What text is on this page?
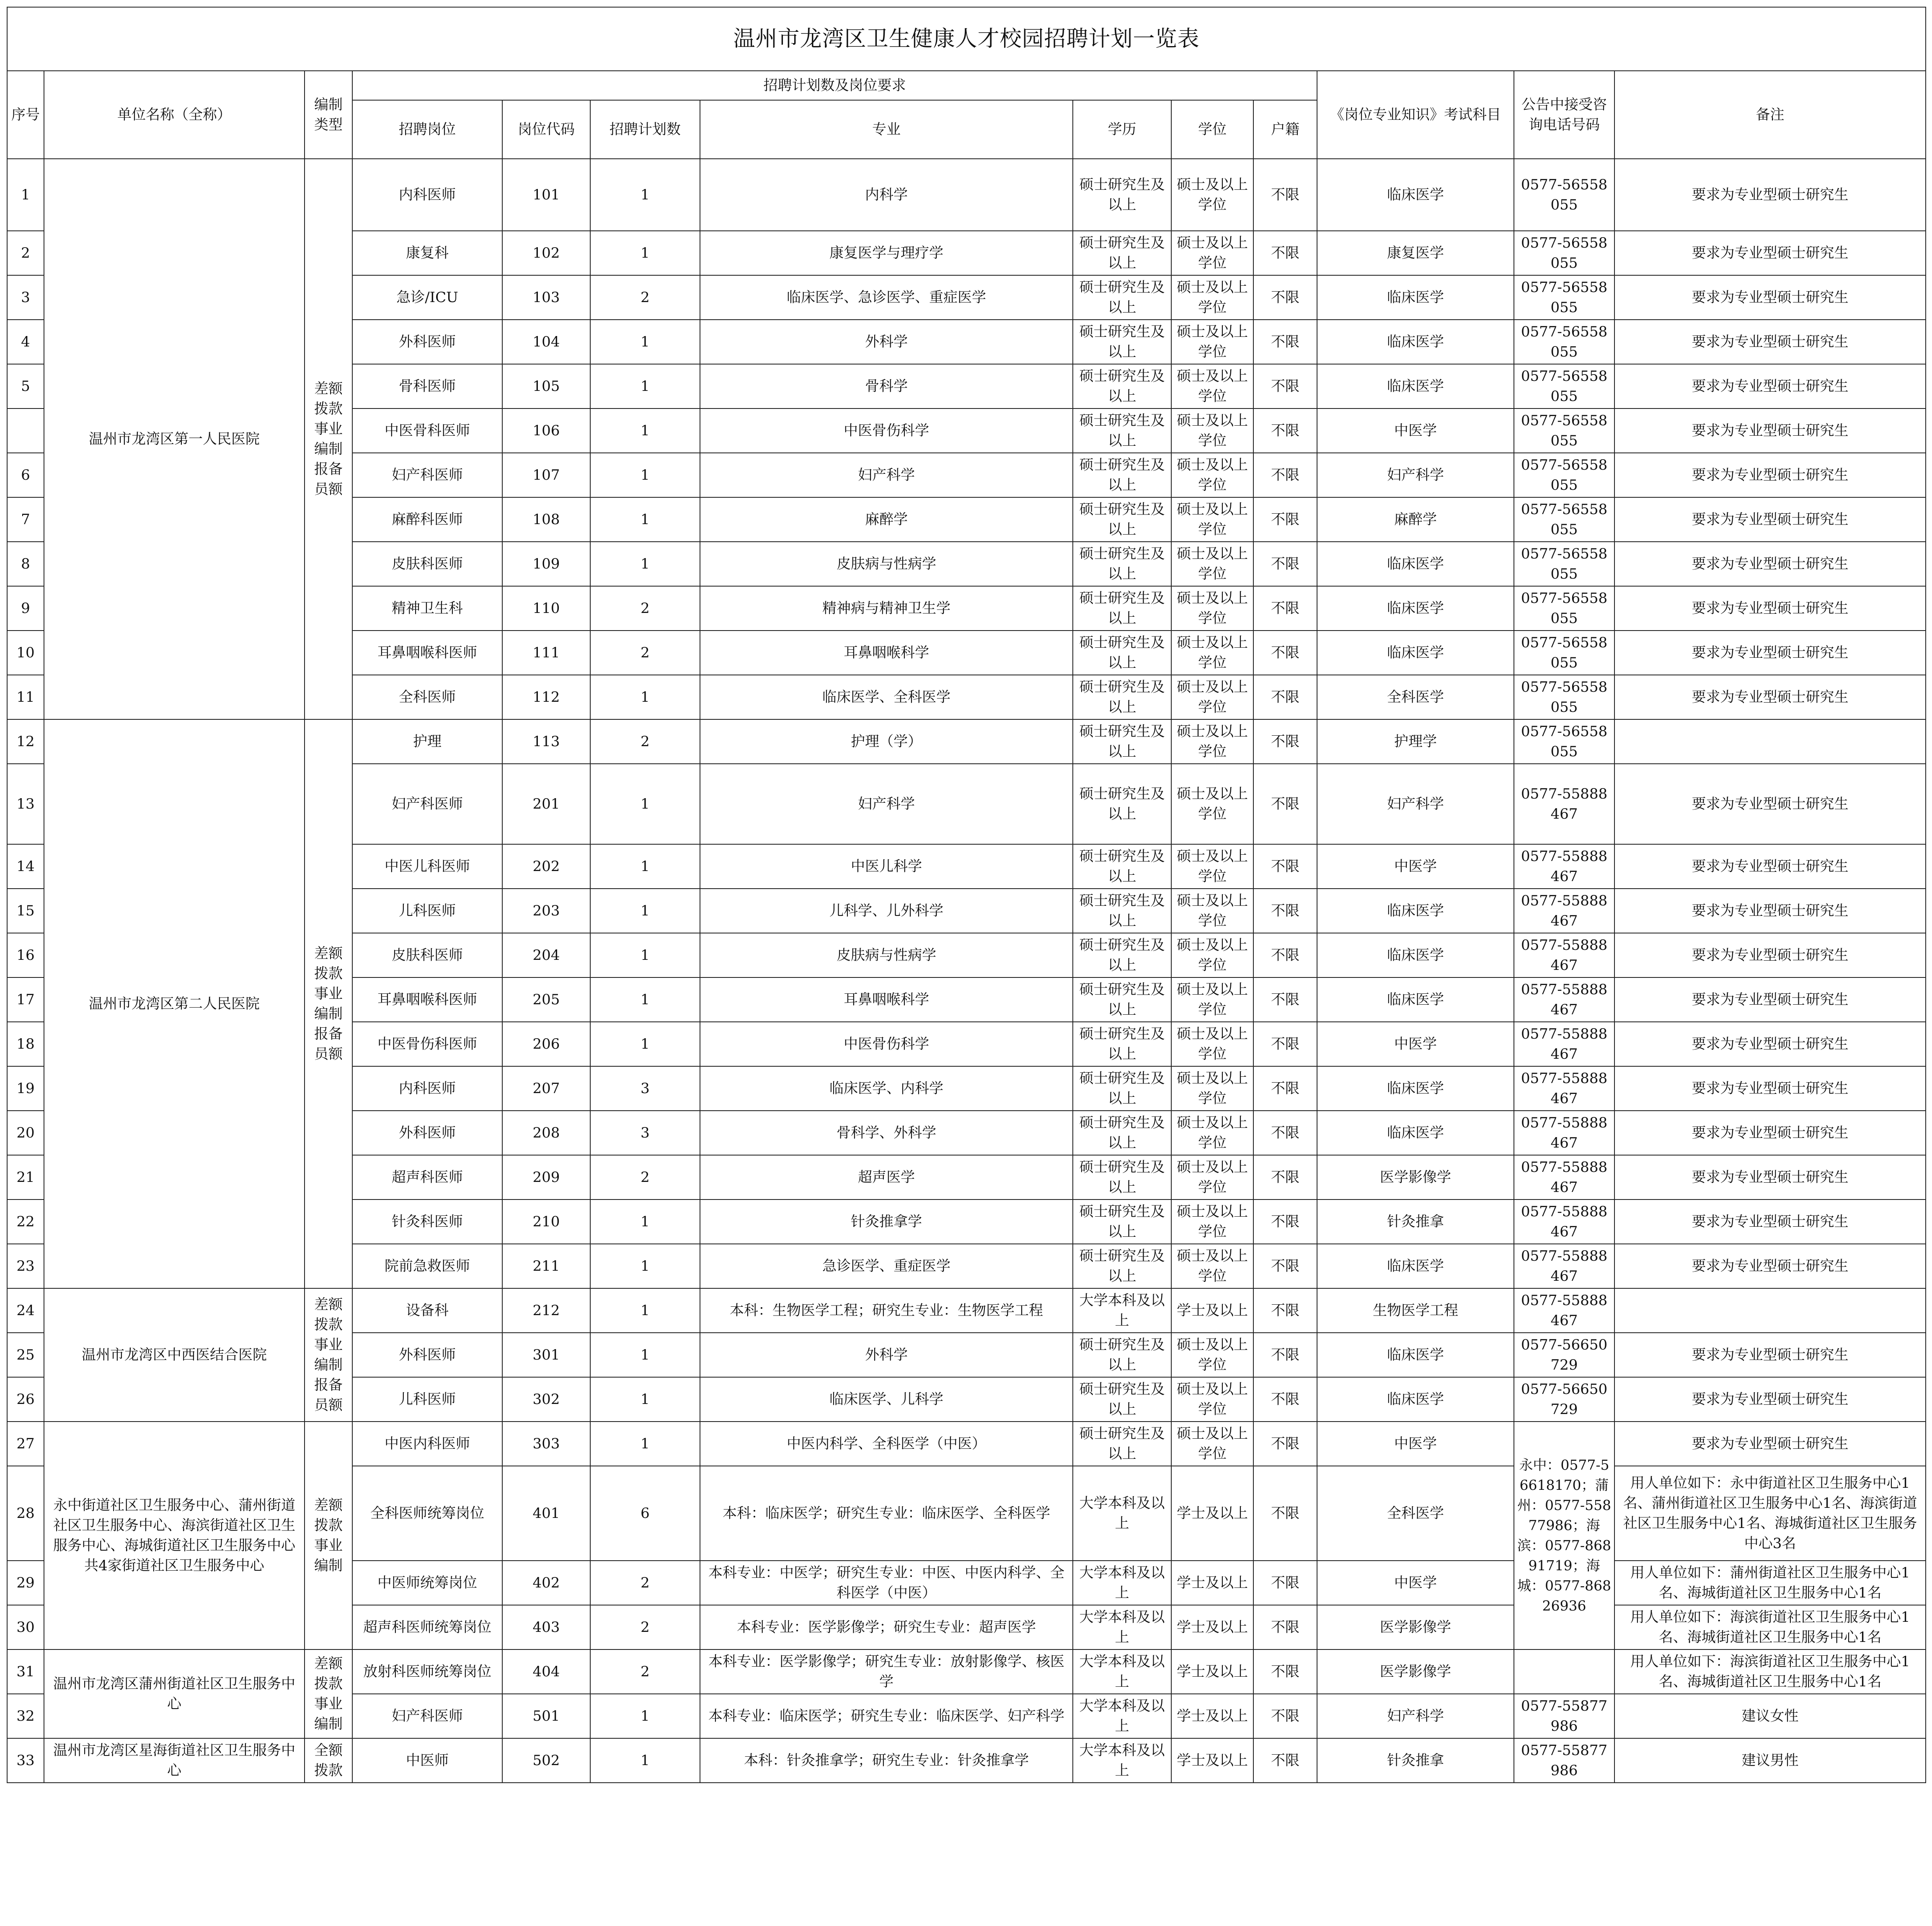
温州市龙湾区卫生健康人才校园招聘计划一览表												
序号	单位名称（全称）	编制类型	招聘计划数及岗位要求							《岗位专业知识》考试科目	公告中接受咨询电话号码	备注
			招聘岗位	岗位代码	招聘计划数	专业	学历	学位	户籍			
1	温州市龙湾区第一人民医院	差额拨款事业编制报备员额	内科医师	101	1	内科学	硕士研究生及以上	硕士及以上学位	不限	临床医学	0577-56558055	要求为专业型硕士研究生
2			康复科	102	1	康复医学与理疗学	硕士研究生及以上	硕士及以上学位	不限	康复医学	0577-56558055	要求为专业型硕士研究生
3			急诊/ICU	103	2	临床医学、急诊医学、重症医学	硕士研究生及以上	硕士及以上学位	不限	临床医学	0577-56558055	要求为专业型硕士研究生
4			外科医师	104	1	外科学	硕士研究生及以上	硕士及以上学位	不限	临床医学	0577-56558055	要求为专业型硕士研究生
5			骨科医师	105	1	骨科学	硕士研究生及以上	硕士及以上学位	不限	临床医学	0577-56558055	要求为专业型硕士研究生
			中医骨科医师	106	1	中医骨伤科学	硕士研究生及以上	硕士及以上学位	不限	中医学	0577-56558055	要求为专业型硕士研究生
6			妇产科医师	107	1	妇产科学	硕士研究生及以上	硕士及以上学位	不限	妇产科学	0577-56558055	要求为专业型硕士研究生
7			麻醉科医师	108	1	麻醉学	硕士研究生及以上	硕士及以上学位	不限	麻醉学	0577-56558055	要求为专业型硕士研究生
8			皮肤科医师	109	1	皮肤病与性病学	硕士研究生及以上	硕士及以上学位	不限	临床医学	0577-56558055	要求为专业型硕士研究生
9			精神卫生科	110	2	精神病与精神卫生学	硕士研究生及以上	硕士及以上学位	不限	临床医学	0577-56558055	要求为专业型硕士研究生
10			耳鼻咽喉科医师	111	2	耳鼻咽喉科学	硕士研究生及以上	硕士及以上学位	不限	临床医学	0577-56558055	要求为专业型硕士研究生
11			全科医师	112	1	临床医学、全科医学	硕士研究生及以上	硕士及以上学位	不限	全科医学	0577-56558055	要求为专业型硕士研究生
12	温州市龙湾区第二人民医院	差额拨款事业编制报备员额	护理	113	2	护理（学）	硕士研究生及以上	硕士及以上学位	不限	护理学	0577-56558055	
13			妇产科医师	201	1	妇产科学	硕士研究生及以上	硕士及以上学位	不限	妇产科学	0577-55888467	要求为专业型硕士研究生
14			中医儿科医师	202	1	中医儿科学	硕士研究生及以上	硕士及以上学位	不限	中医学	0577-55888467	要求为专业型硕士研究生
15			儿科医师	203	1	儿科学、儿外科学	硕士研究生及以上	硕士及以上学位	不限	临床医学	0577-55888467	要求为专业型硕士研究生
16			皮肤科医师	204	1	皮肤病与性病学	硕士研究生及以上	硕士及以上学位	不限	临床医学	0577-55888467	要求为专业型硕士研究生
17			耳鼻咽喉科医师	205	1	耳鼻咽喉科学	硕士研究生及以上	硕士及以上学位	不限	临床医学	0577-55888467	要求为专业型硕士研究生
18			中医骨伤科医师	206	1	中医骨伤科学	硕士研究生及以上	硕士及以上学位	不限	中医学	0577-55888467	要求为专业型硕士研究生
19			内科医师	207	3	临床医学、内科学	硕士研究生及以上	硕士及以上学位	不限	临床医学	0577-55888467	要求为专业型硕士研究生
20			外科医师	208	3	骨科学、外科学	硕士研究生及以上	硕士及以上学位	不限	临床医学	0577-55888467	要求为专业型硕士研究生
21			超声科医师	209	2	超声医学	硕士研究生及以上	硕士及以上学位	不限	医学影像学	0577-55888467	要求为专业型硕士研究生
22			针灸科医师	210	1	针灸推拿学	硕士研究生及以上	硕士及以上学位	不限	针灸推拿	0577-55888467	要求为专业型硕士研究生
23			院前急救医师	211	1	急诊医学、重症医学	硕士研究生及以上	硕士及以上学位	不限	临床医学	0577-55888467	要求为专业型硕士研究生
24	温州市龙湾区中西医结合医院	差额拨款事业编制报备员额	设备科	212	1	本科：生物医学工程；研究生专业：生物医学工程	大学本科及以上	学士及以上	不限	生物医学工程	0577-55888467	
25			外科医师	301	1	外科学	硕士研究生及以上	硕士及以上学位	不限	临床医学	0577-56650729	要求为专业型硕士研究生
26			儿科医师	302	1	临床医学、儿科学	硕士研究生及以上	硕士及以上学位	不限	临床医学	0577-56650729	要求为专业型硕士研究生
27	永中街道社区卫生服务中心、蒲州街道社区卫生服务中心、海滨街道社区卫生服务中心、海城街道社区卫生服务中心共4家街道社区卫生服务中心	差额拨款事业编制	中医内科医师	303	1	中医内科学、全科医学（中医）	硕士研究生及以上	硕士及以上学位	不限	中医学	永中：0577-56618170；蒲州：0577-55877986；海滨：0577-86891719；海城：0577-86826936	要求为专业型硕士研究生
28			全科医师统筹岗位	401	6	本科：临床医学；研究生专业：临床医学、全科医学	大学本科及以上	学士及以上	不限	全科医学		用人单位如下：永中街道社区卫生服务中心1名、蒲州街道社区卫生服务中心1名、海滨街道社区卫生服务中心1名、海城街道社区卫生服务中心3名
29			中医师统筹岗位	402	2	本科专业：中医学；研究生专业：中医、中医内科学、全科医学（中医）	大学本科及以上	学士及以上	不限	中医学		用人单位如下：蒲州街道社区卫生服务中心1名、海城街道社区卫生服务中心1名
30			超声科医师统筹岗位	403	2	本科专业：医学影像学；研究生专业：超声医学	大学本科及以上	学士及以上	不限	医学影像学		用人单位如下：海滨街道社区卫生服务中心1名、海城街道社区卫生服务中心1名
31	温州市龙湾区蒲州街道社区卫生服务中心	差额拨款事业编制	放射科医师统筹岗位	404	2	本科专业：医学影像学；研究生专业：放射影像学、核医学	大学本科及以上	学士及以上	不限	医学影像学		用人单位如下：海滨街道社区卫生服务中心1名、海城街道社区卫生服务中心1名
32			妇产科医师	501	1	本科专业：临床医学；研究生专业：临床医学、妇产科学	大学本科及以上	学士及以上	不限	妇产科学	0577-55877986	建议女性
33	温州市龙湾区星海街道社区卫生服务中心	全额拨款	中医师	502	1	本科：针灸推拿学；研究生专业：针灸推拿学	大学本科及以上	学士及以上	不限	针灸推拿	0577-55877986	建议男性
